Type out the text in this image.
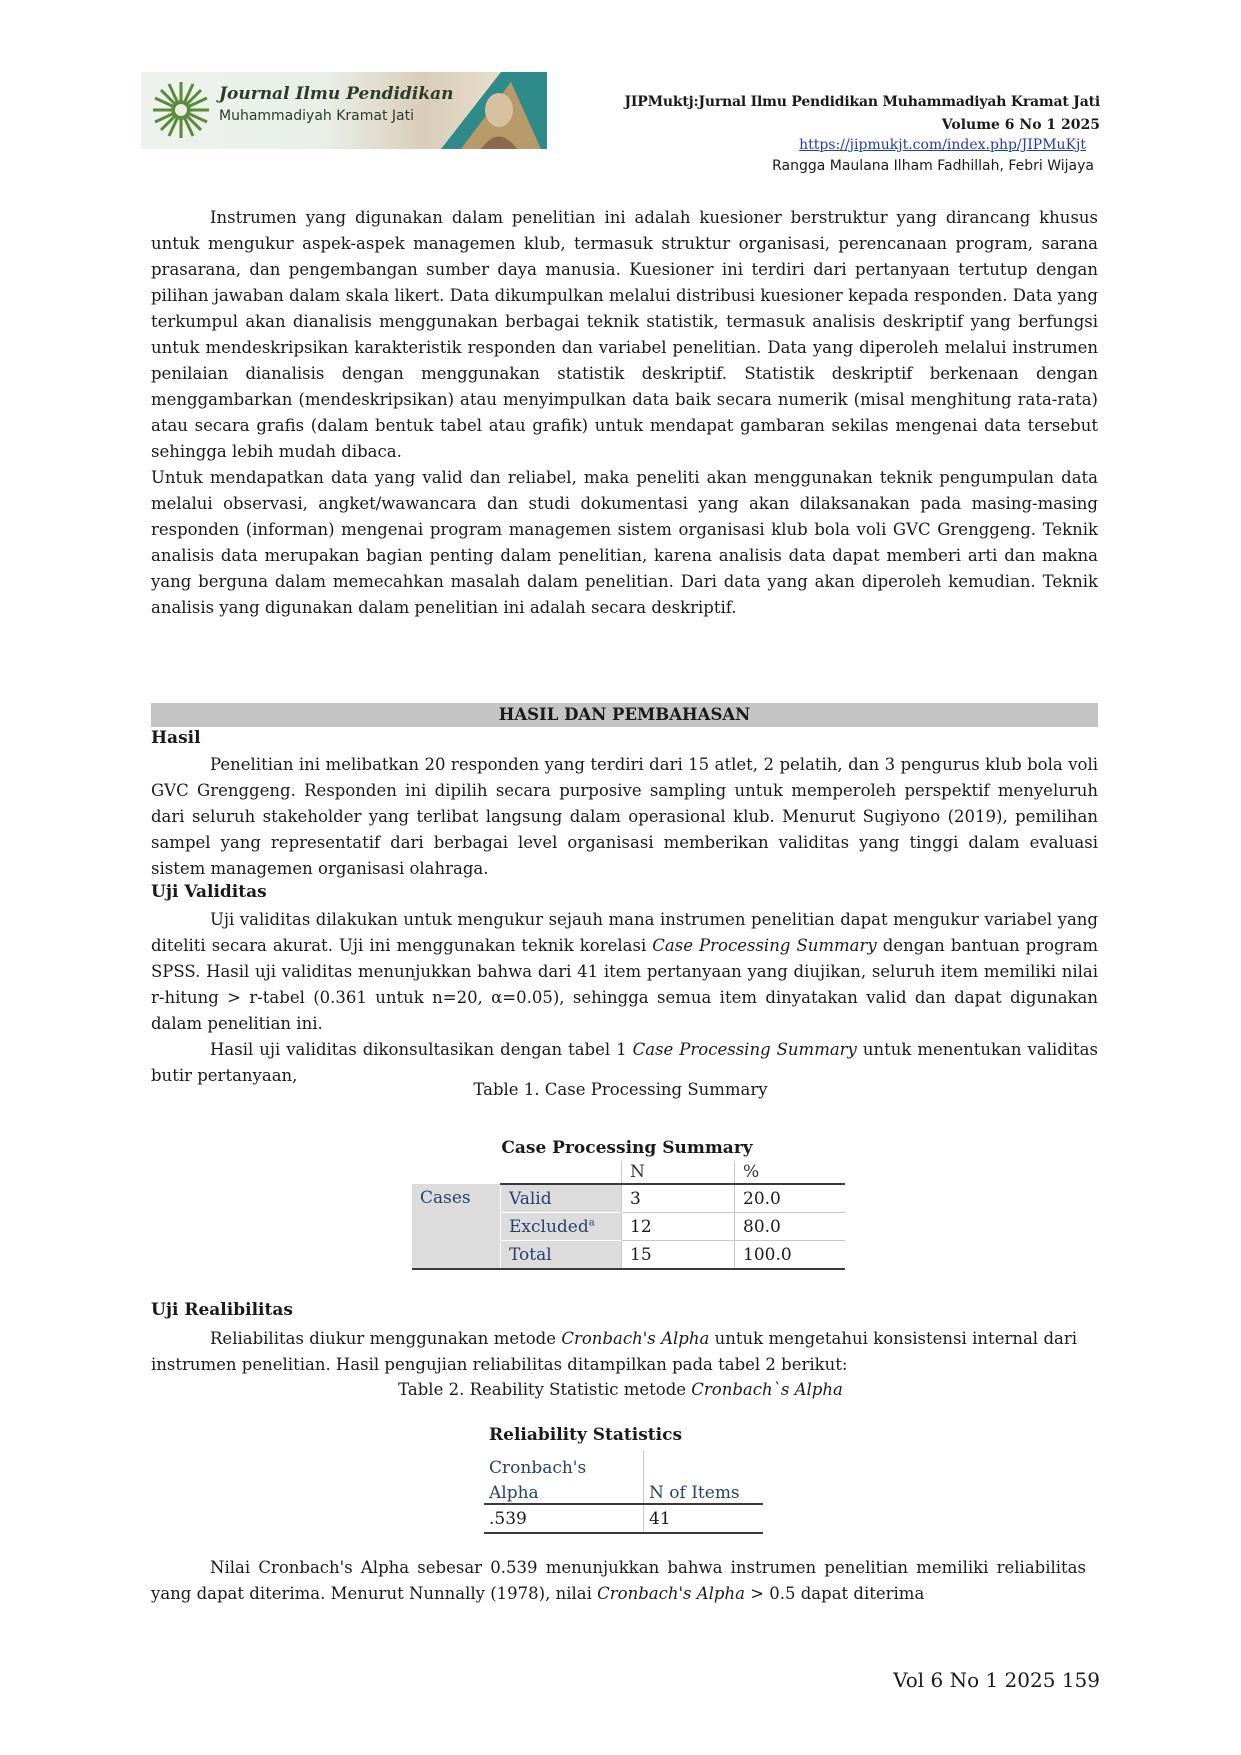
Journal Ilmu Pendidikan
Muhammadiyah Kramat Jati
JIPMuktj:Jurnal Ilmu Pendidikan Muhammadiyah Kramat Jati
Volume 6 No 1 2025
https://jipmukjt.com/index.php/JIPMuKjt
Rangga Maulana Ilham Fadhillah, Febri Wijaya

Instrumen yang digunakan dalam penelitian ini adalah kuesioner berstruktur yang dirancang khusus untuk mengukur aspek-aspek managemen klub, termasuk struktur organisasi, perencanaan program, sarana prasarana, dan pengembangan sumber daya manusia. Kuesioner ini terdiri dari pertanyaan tertutup dengan pilihan jawaban dalam skala likert. Data dikumpulkan melalui distribusi kuesioner kepada responden. Data yang terkumpul akan dianalisis menggunakan berbagai teknik statistik, termasuk analisis deskriptif yang berfungsi untuk mendeskripsikan karakteristik responden dan variabel penelitian. Data yang diperoleh melalui instrumen penilaian dianalisis dengan menggunakan statistik deskriptif. Statistik deskriptif berkenaan dengan menggambarkan (mendeskripsikan) atau menyimpulkan data baik secara numerik (misal menghitung rata-rata) atau secara grafis (dalam bentuk tabel atau grafik) untuk mendapat gambaran sekilas mengenai data tersebut sehingga lebih mudah dibaca.

Untuk mendapatkan data yang valid dan reliabel, maka peneliti akan menggunakan teknik pengumpulan data melalui observasi, angket/wawancara dan studi dokumentasi yang akan dilaksanakan pada masing-masing responden (informan) mengenai program managemen sistem organisasi klub bola voli GVC Grenggeng. Teknik analisis data merupakan bagian penting dalam penelitian, karena analisis data dapat memberi arti dan makna yang berguna dalam memecahkan masalah dalam penelitian. Dari data yang akan diperoleh kemudian. Teknik analisis yang digunakan dalam penelitian ini adalah secara deskriptif.

HASIL DAN PEMBAHASAN
Hasil

Penelitian ini melibatkan 20 responden yang terdiri dari 15 atlet, 2 pelatih, dan 3 pengurus klub bola voli GVC Grenggeng. Responden ini dipilih secara purposive sampling untuk memperoleh perspektif menyeluruh dari seluruh stakeholder yang terlibat langsung dalam operasional klub. Menurut Sugiyono (2019), pemilihan sampel yang representatif dari berbagai level organisasi memberikan validitas yang tinggi dalam evaluasi sistem managemen organisasi olahraga.

Uji Validitas

Uji validitas dilakukan untuk mengukur sejauh mana instrumen penelitian dapat mengukur variabel yang diteliti secara akurat. Uji ini menggunakan teknik korelasi Case Processing Summary dengan bantuan program SPSS. Hasil uji validitas menunjukkan bahwa dari 41 item pertanyaan yang diujikan, seluruh item memiliki nilai r-hitung > r-tabel (0.361 untuk n=20, α=0.05), sehingga semua item dinyatakan valid dan dapat digunakan dalam penelitian ini.

Hasil uji validitas dikonsultasikan dengan tabel 1 Case Processing Summary untuk menentukan validitas butir pertanyaan,

Table 1. Case Processing Summary
Case Processing Summary
		N	%
Cases	Valid	3	20.0
	Excluded$^a$	12	80.0
	Total	15	100.0
Uji Realibilitas

Reliabilitas diukur menggunakan metode Cronbach's Alpha untuk mengetahui konsistensi internal dari instrumen penelitian. Hasil pengujian reliabilitas ditampilkan pada tabel 2 berikut:

Table 2. Reability Statistic metode Cronbach`s Alpha
Reliability Statistics
Cronbach's	
Alpha	N of Items
.539	41

Nilai Cronbach's Alpha sebesar 0.539 menunjukkan bahwa instrumen penelitian memiliki reliabilitas yang dapat diterima. Menurut Nunnally (1978), nilai Cronbach's Alpha > 0.5 dapat diterima

Vol 6 No 1 2025 159
